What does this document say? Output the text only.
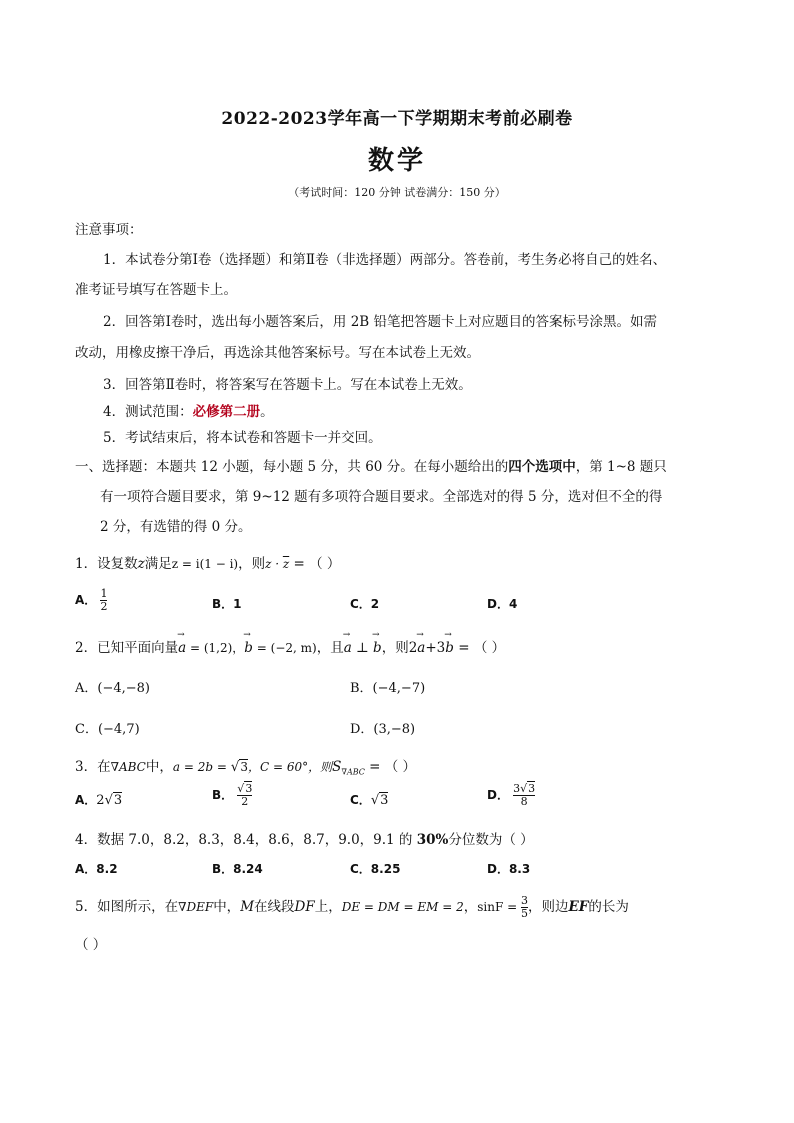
2022-2023学年高一下学期期末考前必刷卷
数学
（考试时间：120 分钟 试卷满分：150 分）
注意事项：
1．本试卷分第Ⅰ卷（选择题）和第Ⅱ卷（非选择题）两部分。答卷前，考生务必将自己的姓名、
准考证号填写在答题卡上。
2．回答第Ⅰ卷时，选出每小题答案后，用 2B 铅笔把答题卡上对应题目的答案标号涂黑。如需
改动，用橡皮擦干净后，再选涂其他答案标号。写在本试卷上无效。
3．回答第Ⅱ卷时，将答案写在答题卡上。写在本试卷上无效。
4．测试范围：必修第二册。
5．考试结束后，将本试卷和答题卡一并交回。
一、选择题：本题共 12 小题，每小题 5 分，共 60 分。在每小题给出的四个选项中，第 1~8 题只
有一项符合题目要求，第 9~12 题有多项符合题目要求。全部选对的得 5 分，选对但不全的得
2 分，有选错的得 0 分。
1．设复数z满足z = i(1 − i)，则$z \cdot \overline{z}$ = （ ）
A． $\frac{1}{2}$	B．1	C．2	D．4
2．已知平面向量→ a = (1,2)，→ b = (−2, m)，且→ a ⊥ → b，则2→ a+3→ b = （ ）
A．(−4,−8)	B．(−4,−7)
C．(−4,7)	D．(3,−8)
3．在∇ABC中，a = 2b = √3，C = 60°，则$S_{\nabla ABC}$ = （ ）
A．2√3	B． $\frac{√3}{2}$	C．√3	D． $\frac{3√3}{8}$
4．数据 7.0，8.2，8.3，8.4，8.6，8.7，9.0，9.1 的 30%分位数为（ ）
A．8.2	B．8.24	C．8.25	D．8.3
5．如图所示，在∇DEF中，M在线段DF上，DE = DM = EM = 2，$\sin F = \frac{3}{5}$ ，则边EF的长为
（ ）
